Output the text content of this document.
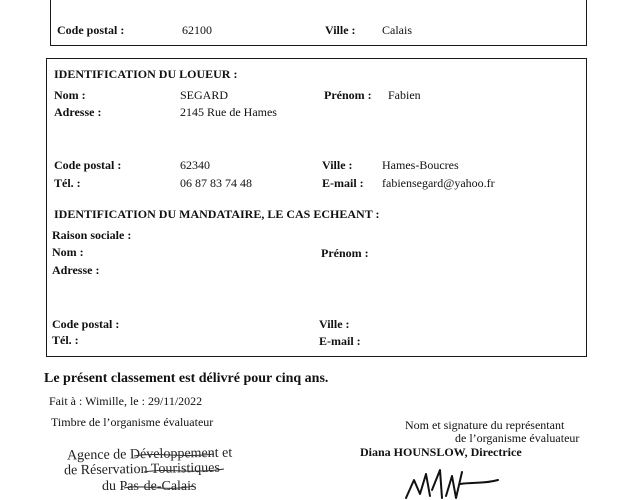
Code postal :	62100	Ville : Calais
IDENTIFICATION DU LOUEUR :
Nom :	SEGARD	Prénom : Fabien
Adresse :	2145 Rue de Hames
Code postal :	62340	Ville : Hames-Boucres
Tél. :	06 87 83 74 48	E-mail : fabiensegard@yahoo.fr
IDENTIFICATION DU MANDATAIRE, LE CAS ECHEANT :
Raison sociale :
Nom :	Prénom :
Adresse :
Code postal :	Ville :
Tél. :	E-mail :
Le présent classement est délivré pour cinq ans.
Fait à : Wimille, le : 29/11/2022
Timbre de l’organisme évaluateur	Nom et signature du représentant
de l’organisme évaluateur
Diana HOUNSLOW, Directrice
Agence de Développement et
de Réservation Touristiques
du Pas-de-Calais
